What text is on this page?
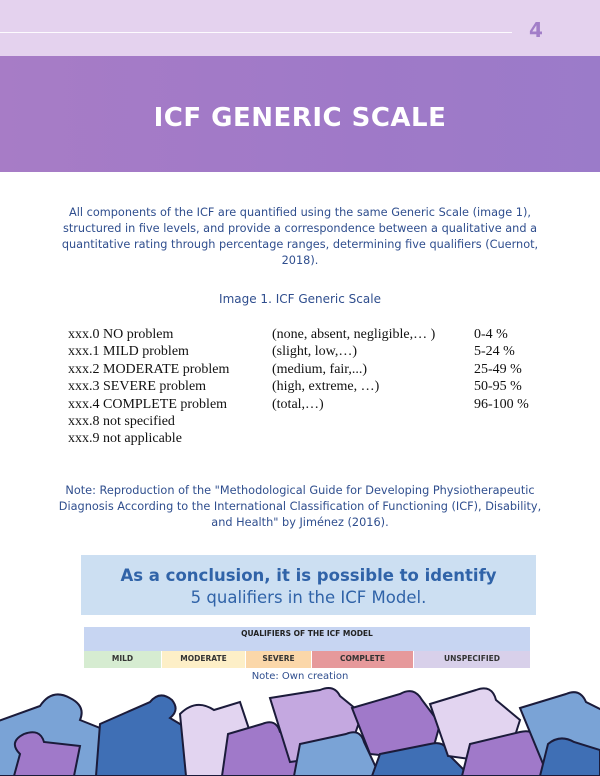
4
ICF GENERIC SCALE

All components of the ICF are quantified using the same Generic Scale (image 1), structured in five levels, and provide a correspondence between a qualitative and a quantitative rating through percentage ranges, determining five qualifiers (Cuernot, 2018).

Image 1. ICF Generic Scale

xxx.0 NO problem	(none, absent, negligible,… )	0-4 %
xxx.1 MILD problem	(slight, low,…)	5-24 %
xxx.2 MODERATE problem	(medium, fair,...)	25-49 %
xxx.3 SEVERE problem	(high, extreme, …)	50-95 %
xxx.4 COMPLETE problem	(total,…)	96-100 %
xxx.8 not specified
xxx.9 not applicable

Note: Reproduction of the "Methodological Guide for Developing Physiotherapeutic Diagnosis According to the International Classification of Functioning (ICF), Disability, and Health" by Jiménez (2016).

As a conclusion, it is possible to identify
5 qualifiers in the ICF Model.
QUALIFIERS OF THE ICF MODEL
MILD	MODERATE	SEVERE	COMPLETE	UNSPECIFIED

Note: Own creation
